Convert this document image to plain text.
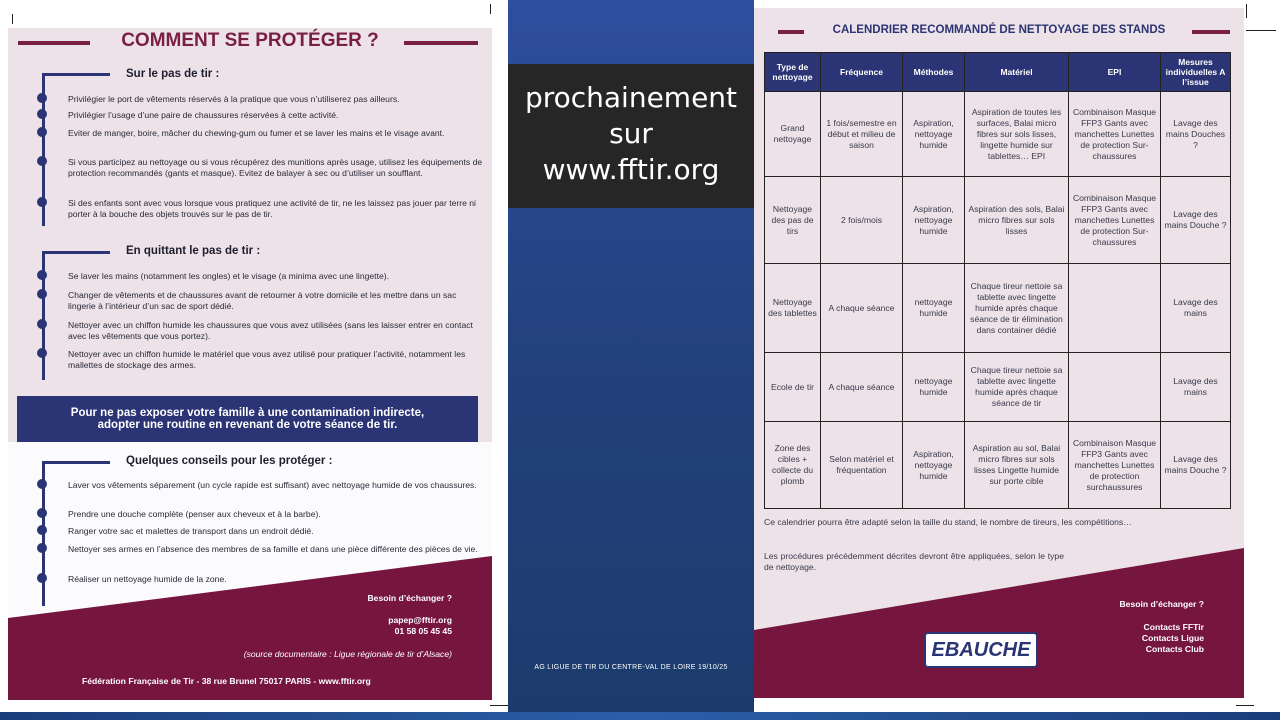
prochainement
sur
www.fftir.org
AG LIGUE DE TIR DU CENTRE-VAL DE LOIRE 19/10/25
COMMENT SE PROTÉGER ?
Sur le pas de tir :
Privilégier le port de vêtements réservés à la pratique que vous n’utiliserez pas ailleurs.
Privilégier l’usage d’une paire de chaussures réservées à cette activité.
Eviter de manger, boire, mâcher du chewing-gum ou fumer et se laver les mains et le visage avant.
Si vous participez au nettoyage ou si vous récupérez des munitions après usage, utilisez les équipements de protection recommandés (gants et masque). Evitez de balayer à sec ou d’utiliser un soufflant.
Si des enfants sont avec vous lorsque vous pratiquez une activité de tir, ne les laissez pas jouer par terre ni porter à la bouche des objets trouvés sur le pas de tir.
En quittant le pas de tir :
Se laver les mains (notamment les ongles) et le visage (a minima avec une lingette).
Changer de vêtements et de chaussures avant de retourner à votre domicile et les mettre dans un sac lingerie à l’intérieur d’un sac de sport dédié.
Nettoyer avec un chiffon humide les chaussures que vous avez utilisées (sans les laisser entrer en contact avec les vêtements que vous portez).
Nettoyer avec un chiffon humide le matériel que vous avez utilisé pour pratiquer l’activité, notamment les mallettes de stockage des armes.
Pour ne pas exposer votre famille à une contamination indirecte,
adopter une routine en revenant de votre séance de tir.
Quelques conseils pour les protéger :
Laver vos vêtements séparement (un cycle rapide est suffisant) avec nettoyage humide de vos chaussures.
Prendre une douche complète (penser aux cheveux et à la barbe).
Ranger votre sac et malettes de transport dans un endroit dédié.
Nettoyer ses armes en l’absence des membres de sa famille et dans une pièce différente des pièces de vie.
Réaliser un nettoyage humide de la zone.
Besoin d’échanger ?
papep@fftir.org
01 58 05 45 45
(source documentaire : Ligue régionale de tir d’Alsace)
Fédération Française de Tir - 38 rue Brunel 75017 PARIS - www.fftir.org
CALENDRIER RECOMMANDÉ DE NETTOYAGE DES STANDS
Type de nettoyage	Fréquence	Méthodes	Matériel	EPI	Mesures individuelles A l’issue
Grand nettoyage	1 fois/semestre en début et milieu de saison	Aspiration, nettoyage humide	Aspiration de toutes les surfaces, Balai micro fibres sur sols lisses, lingette humide sur tablettes… EPI	Combinaison Masque FFP3 Gants avec manchettes Lunettes de protection Sur-chaussures	Lavage des mains Douches ?
Nettoyage des pas de tirs	2 fois/mois	Aspiration, nettoyage humide	Aspiration des sols, Balai micro fibres sur sols lisses	Combinaison Masque FFP3 Gants avec manchettes Lunettes de protection Sur-chaussures	Lavage des mains Douche ?
Nettoyage des tablettes	A chaque séance	nettoyage humide	Chaque tireur nettoie sa tablette avec lingette humide après chaque séance de tir élimination dans container dédié		Lavage des mains
Ecole de tir	A chaque séance	nettoyage humide	Chaque tireur nettoie sa tablette avec lingette humide après chaque séance de tir		Lavage des mains
Zone des cibles + collecte du plomb	Selon matériel et fréquentation	Aspiration, nettoyage humide	Aspiration au sol, Balai micro fibres sur sols lisses Lingette humide sur porte cible	Combinaison Masque FFP3 Gants avec manchettes Lunettes de protection surchaussures	Lavage des mains Douche ?
Ce calendrier pourra être adapté selon la taille du stand, le nombre de tireurs, les compétitions…
Les procédures précédemment décrites devront être appliquées, selon le type de nettoyage.
Besoin d’échanger ?
Contacts FFTir
Contacts Ligue
Contacts Club
EBAUCHE
